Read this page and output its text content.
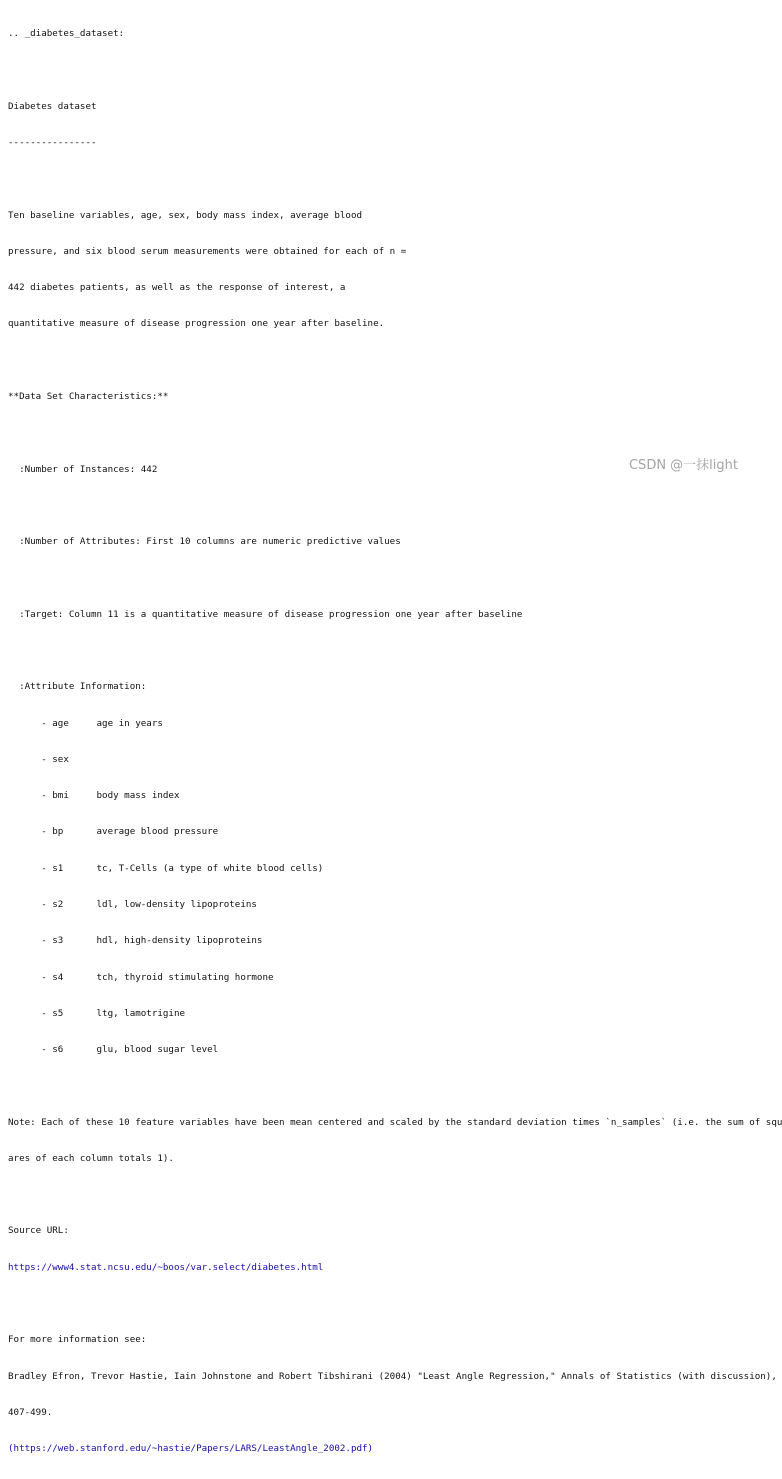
.. _diabetes_dataset:

Diabetes dataset

----------------

Ten baseline variables, age, sex, body mass index, average blood

pressure, and six blood serum measurements were obtained for each of n =

442 diabetes patients, as well as the response of interest, a

quantitative measure of disease progression one year after baseline.

**Data Set Characteristics:**

:Number of Instances: 442

:Number of Attributes: First 10 columns are numeric predictive values

:Target: Column 11 is a quantitative measure of disease progression one year after baseline

:Attribute Information:

- age     age in years

- sex

- bmi     body mass index

- bp      average blood pressure

- s1      tc, T-Cells (a type of white blood cells)

- s2      ldl, low-density lipoproteins

- s3      hdl, high-density lipoproteins

- s4      tch, thyroid stimulating hormone

- s5      ltg, lamotrigine

- s6      glu, blood sugar level

Note: Each of these 10 feature variables have been mean centered and scaled by the standard deviation times `n_samples` (i.e. the sum of squ

ares of each column totals 1).

Source URL:

https://www4.stat.ncsu.edu/~boos/var.select/diabetes.html

For more information see:

Bradley Efron, Trevor Hastie, Iain Johnstone and Robert Tibshirani (2004) "Least Angle Regression," Annals of Statistics (with discussion),

407-499.

(https://web.stanford.edu/~hastie/Papers/LARS/LeastAngle_2002.pdf)

CSDN @一抹light
